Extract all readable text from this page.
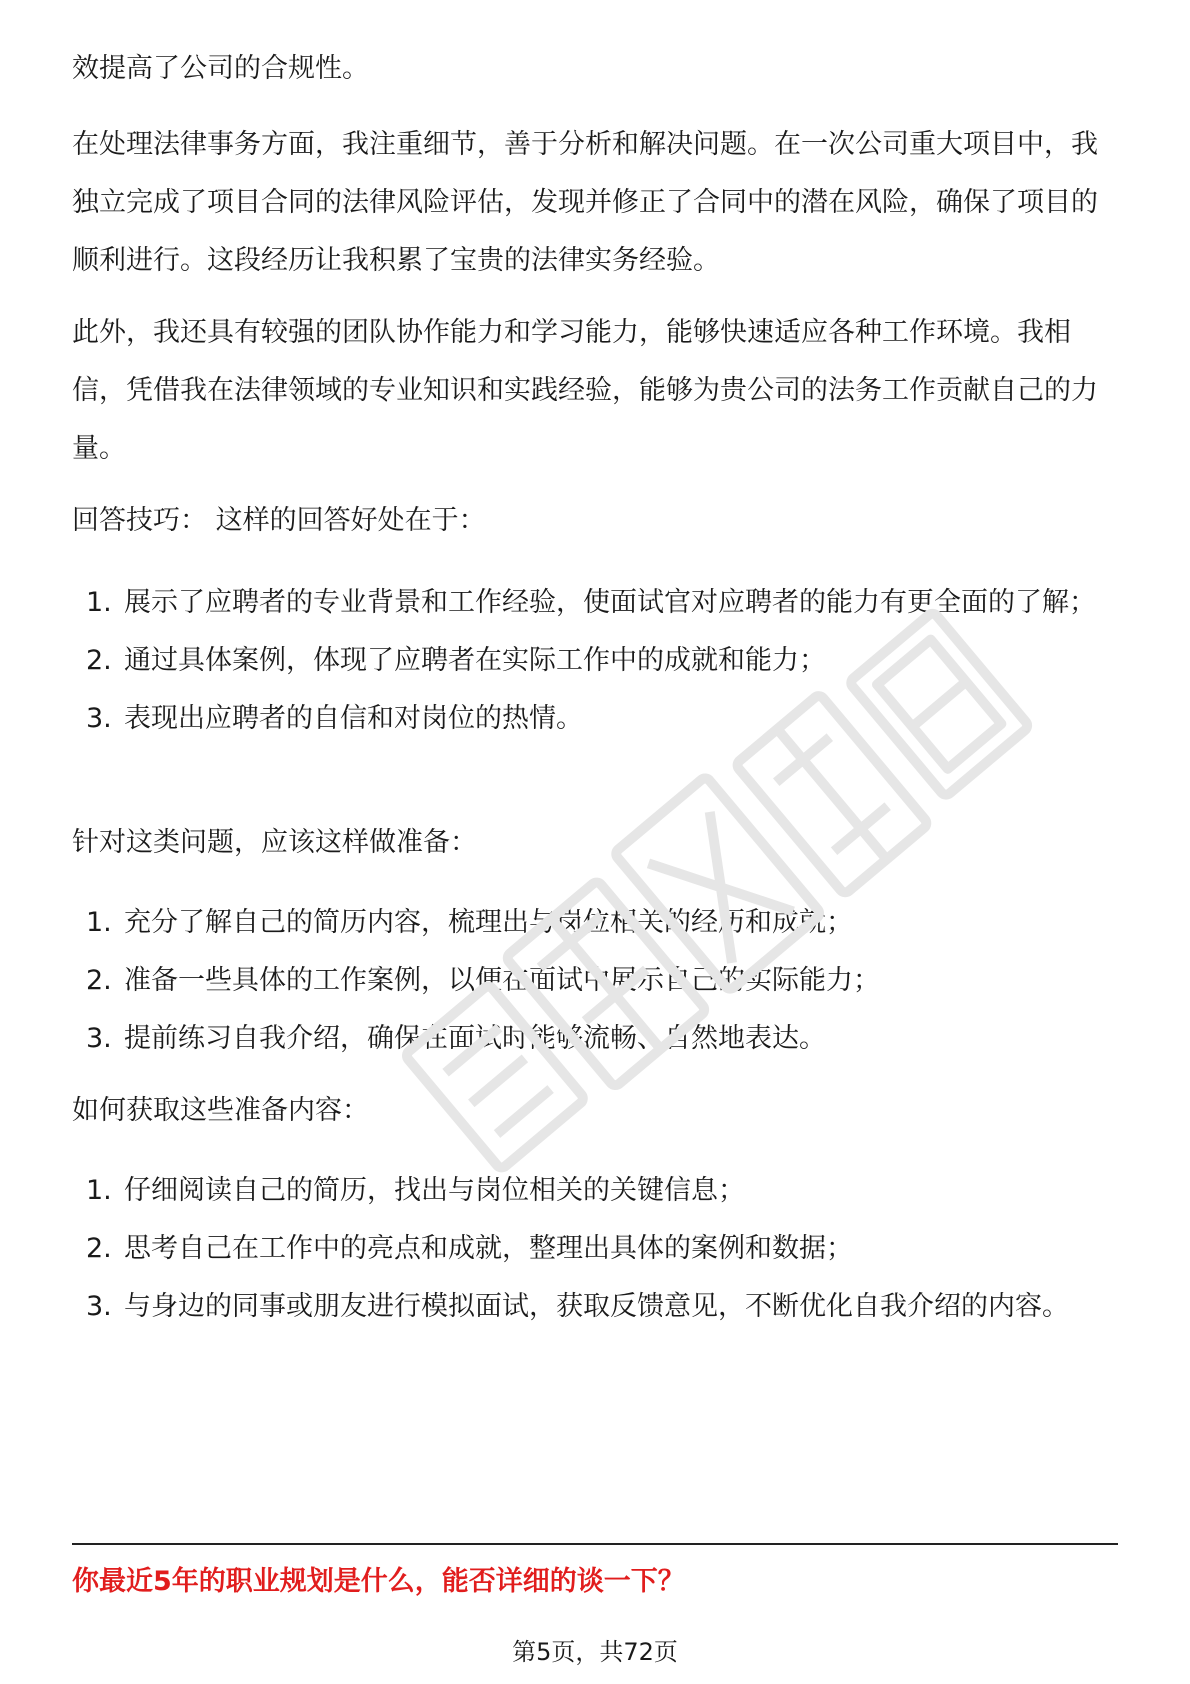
效提高了公司的合规性。

在处理法律事务方面，我注重细节，善于分析和解决问题。在一次公司重大项目中，我独立完成了项目合同的法律风险评估，发现并修正了合同中的潜在风险，确保了项目的顺利进行。这段经历让我积累了宝贵的法律实务经验。

此外，我还具有较强的团队协作能力和学习能力，能够快速适应各种工作环境。我相信，凭借我在法律领域的专业知识和实践经验，能够为贵公司的法务工作贡献自己的力量。

回答技巧： 这样的回答好处在于：

1. 展示了应聘者的专业背景和工作经验，使面试官对应聘者的能力有更全面的了解；
2. 通过具体案例，体现了应聘者在实际工作中的成就和能力；
3. 表现出应聘者的自信和对岗位的热情。

针对这类问题，应该这样做准备：

1. 充分了解自己的简历内容，梳理出与岗位相关的经历和成就；
2. 准备一些具体的工作案例，以便在面试中展示自己的实际能力；
3. 提前练习自我介绍，确保在面试时能够流畅、自然地表达。

如何获取这些准备内容：

1. 仔细阅读自己的简历，找出与岗位相关的关键信息；
2. 思考自己在工作中的亮点和成就，整理出具体的案例和数据；
3. 与身边的同事或朋友进行模拟面试，获取反馈意见，不断优化自我介绍的内容。

你最近5年的职业规划是什么，能否详细的谈一下？

第5页，共72页
